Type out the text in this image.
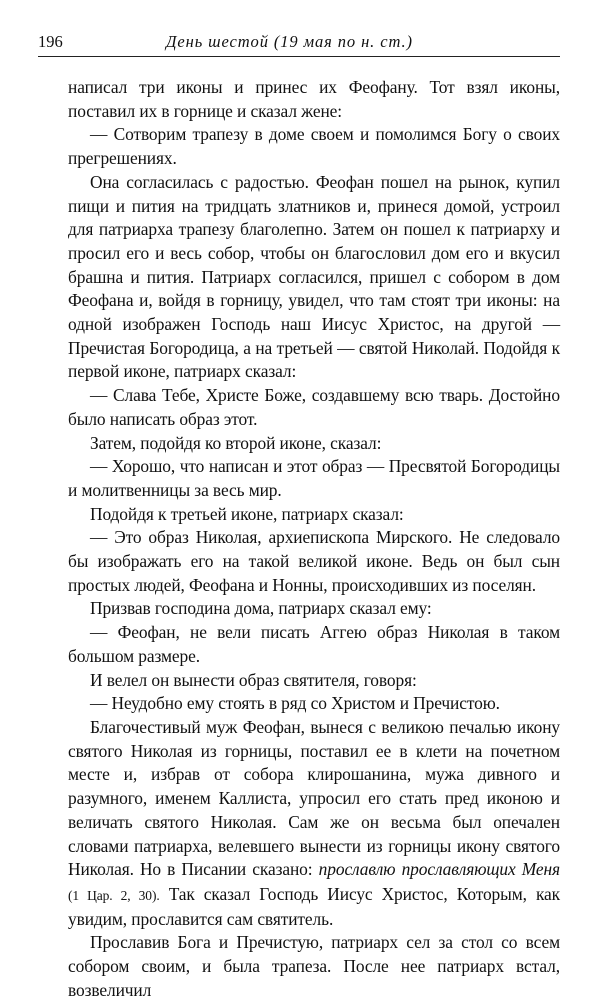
196	День шестой (19 мая по н. ст.)

написал три иконы и принес их Феофану. Тот взял иконы, поставил их в горнице и сказал жене:

— Сотворим трапезу в доме своем и помолимся Богу о своих прегрешениях.

Она согласилась с радостью. Феофан пошел на рынок, купил пищи и пития на тридцать златников и, принеся домой, устроил для патриарха трапезу благолепно. Затем он пошел к патриарху и просил его и весь собор, чтобы он благословил дом его и вкусил брашна и пития. Патриарх согласился, пришел с собором в дом Феофана и, войдя в горницу, увидел, что там стоят три иконы: на одной изображен Господь наш Иисус Христос, на другой — Пречистая Богородица, а на третьей — святой Николай. Подойдя к первой иконе, патриарх сказал:

— Слава Тебе, Христе Боже, создавшему всю тварь. Достойно было написать образ этот.

Затем, подойдя ко второй иконе, сказал:

— Хорошо, что написан и этот образ — Пресвятой Богородицы и молитвенницы за весь мир.

Подойдя к третьей иконе, патриарх сказал:

— Это образ Николая, архиепископа Мирского. Не следовало бы изображать его на такой великой иконе. Ведь он был сын простых людей, Феофана и Нонны, происходивших из поселян.

Призвав господина дома, патриарх сказал ему:

— Феофан, не вели писать Аггею образ Николая в таком большом размере.

И велел он вынести образ святителя, говоря:

— Неудобно ему стоять в ряд со Христом и Пречистою.

Благочестивый муж Феофан, вынеся с великою печалью икону святого Николая из горницы, поставил ее в клети на почетном месте и, избрав от собора клирошанина, мужа дивного и разумного, именем Каллиста, упросил его стать пред иконою и величать святого Николая. Сам же он весьма был опечален словами патриарха, велевшего вынести из горницы икону святого Николая. Но в Писании сказано: прославлю прославляющих Меня (1 Цар. 2, 30). Так сказал Господь Иисус Христос, Которым, как увидим, прославится сам святитель.

Прославив Бога и Пречистую, патриарх сел за стол со всем собором своим, и была трапеза. После нее патриарх встал, возвеличил
